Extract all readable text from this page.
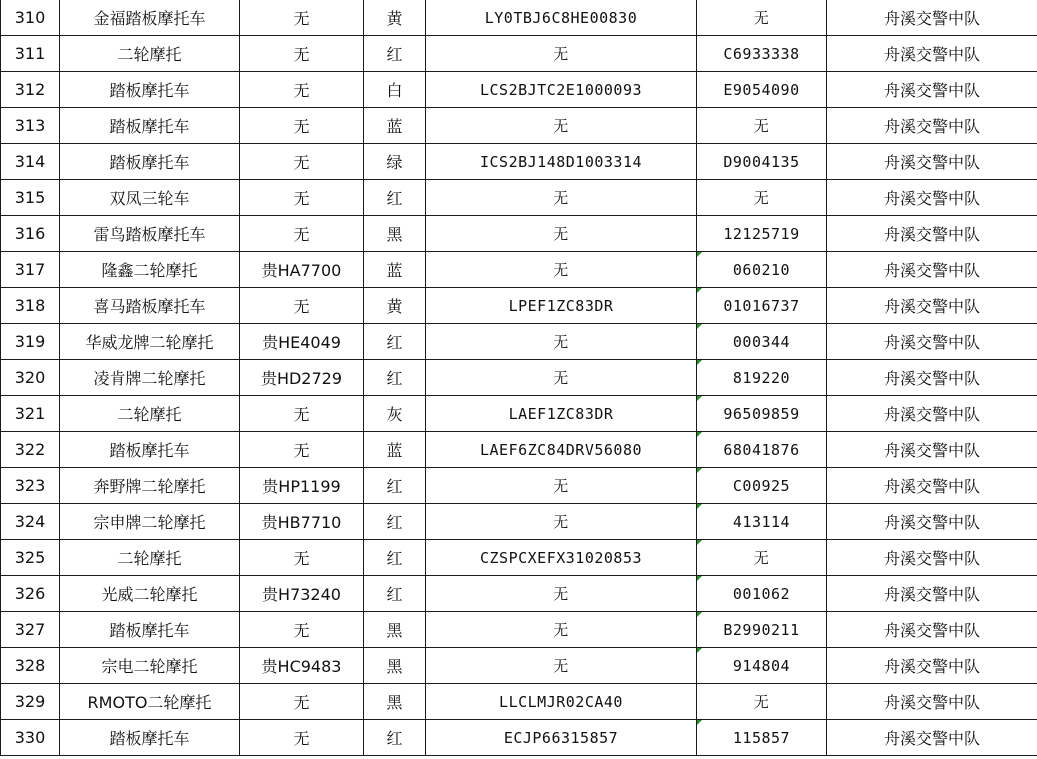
310	金福踏板摩托车	无	黄	LY0TBJ6C8HE00830	无	舟溪交警中队
311	二轮摩托	无	红	无	C6933338	舟溪交警中队
312	踏板摩托车	无	白	LCS2BJTC2E1000093	E9054090	舟溪交警中队
313	踏板摩托车	无	蓝	无	无	舟溪交警中队
314	踏板摩托车	无	绿	ICS2BJ148D1003314	D9004135	舟溪交警中队
315	双凤三轮车	无	红	无	无	舟溪交警中队
316	雷鸟踏板摩托车	无	黑	无	12125719	舟溪交警中队
317	隆鑫二轮摩托	贵HA7700	蓝	无	060210	舟溪交警中队
318	喜马踏板摩托车	无	黄	LPEF1ZC83DR	01016737	舟溪交警中队
319	华威龙牌二轮摩托	贵HE4049	红	无	000344	舟溪交警中队
320	凌肯牌二轮摩托	贵HD2729	红	无	819220	舟溪交警中队
321	二轮摩托	无	灰	LAEF1ZC83DR	96509859	舟溪交警中队
322	踏板摩托车	无	蓝	LAEF6ZC84DRV56080	68041876	舟溪交警中队
323	奔野牌二轮摩托	贵HP1199	红	无	C00925	舟溪交警中队
324	宗申牌二轮摩托	贵HB7710	红	无	413114	舟溪交警中队
325	二轮摩托	无	红	CZSPCXEFX31020853	无	舟溪交警中队
326	光威二轮摩托	贵H73240	红	无	001062	舟溪交警中队
327	踏板摩托车	无	黑	无	B2990211	舟溪交警中队
328	宗电二轮摩托	贵HC9483	黑	无	914804	舟溪交警中队
329	RMOTO二轮摩托	无	黑	LLCLMJR02CA40	无	舟溪交警中队
330	踏板摩托车	无	红	ECJP66315857	115857	舟溪交警中队
